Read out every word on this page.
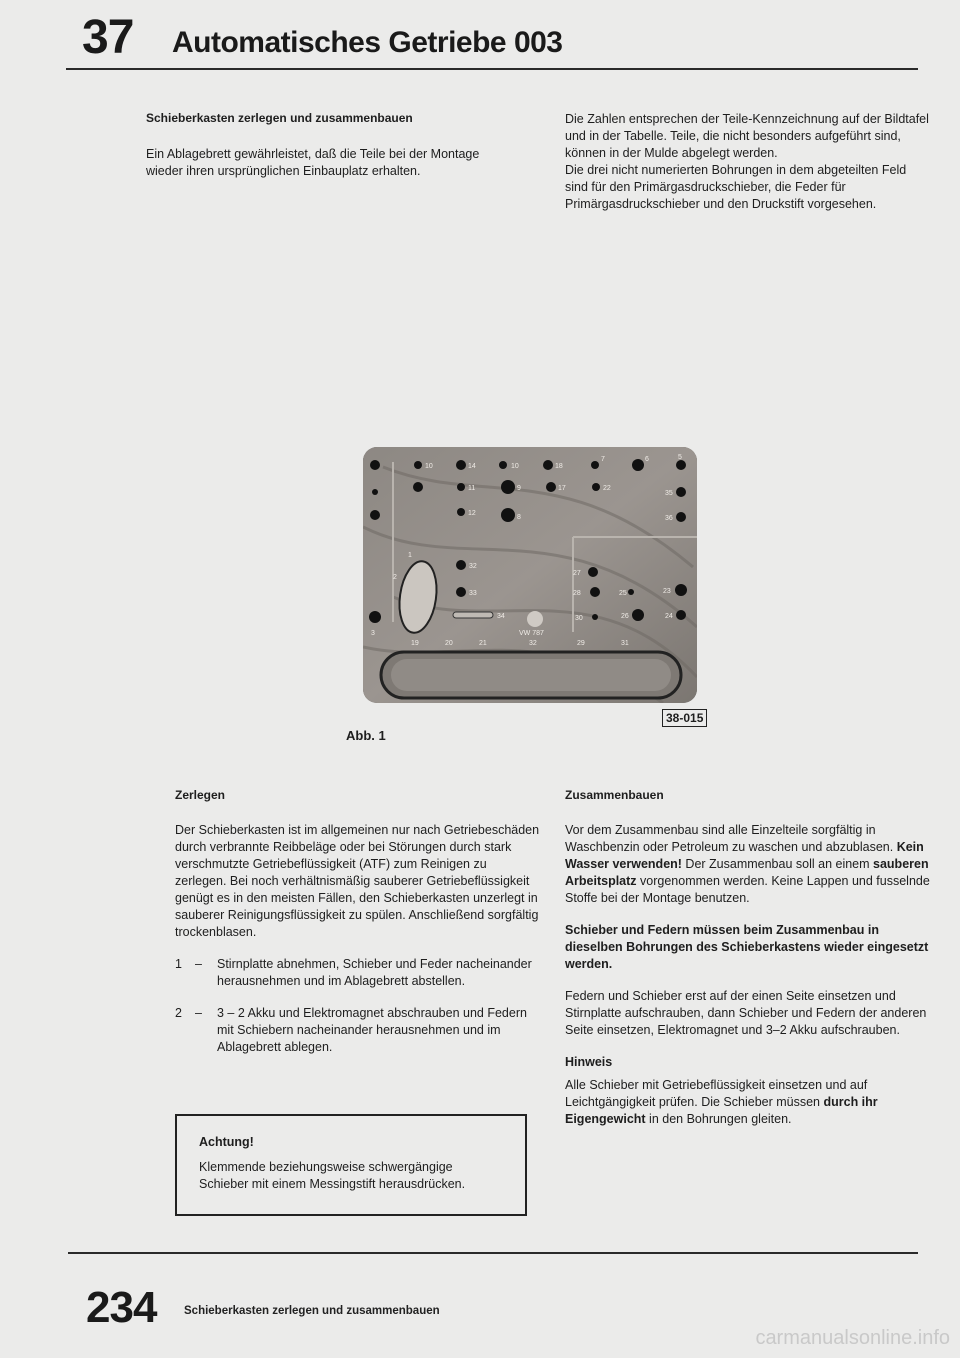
37 Automatisches Getriebe 003

Schieberkasten zerlegen und zusammenbauen

Ein Ablagebrett gewährleistet, daß die Teile bei der Montage wieder ihren ursprünglichen Einbauplatz erhalten.

Die Zahlen entsprechen der Teile-Kennzeichnung auf der Bildtafel und in der Tabelle. Teile, die nicht besonders aufgeführt sind, können in der Mulde abgelegt werden.

Die drei nicht numerierten Bohrungen in dem abgeteilten Feld sind für den Primärgasdruckschieber, die Feder für Primärgasdruckschieber und den Druckstift vorgesehen.

10	14	10	18
7	6	5
11	9	17	22
35
12
8	36
32
27
33	28	25	23
34	30	26	24
1
2
3
19	20	21	32	29	31
VW 787
38-015
Abb. 1

Zerlegen

Der Schieberkasten ist im allgemeinen nur nach Getriebeschäden durch verbrannte Reibbeläge oder bei Störungen durch stark verschmutzte Getriebeflüssigkeit (ATF) zum Reinigen zu zerlegen. Bei noch verhältnismäßig sauberer Getriebeflüssigkeit genügt es in den meisten Fällen, den Schieberkasten unzerlegt in sauberer Reinigungsflüssigkeit zu spülen. Anschließend sorgfältig trockenblasen.

1	–	Stirnplatte abnehmen, Schieber und Feder nacheinander herausnehmen und im Ablagebrett abstellen.
2	–	3 – 2 Akku und Elektromagnet abschrauben und Federn mit Schiebern nacheinander herausnehmen und im Ablagebrett ablegen.

Achtung!

Klemmende beziehungsweise schwergängige Schieber mit einem Messingstift herausdrücken.

Zusammenbauen

Vor dem Zusammenbau sind alle Einzelteile sorgfältig in Waschbenzin oder Petroleum zu waschen und abzublasen. Kein Wasser verwenden! Der Zusammenbau soll an einem sauberen Arbeitsplatz vorgenommen werden. Keine Lappen und fusselnde Stoffe bei der Montage benutzen.

Schieber und Federn müssen beim Zusammenbau in dieselben Bohrungen des Schieberkastens wieder eingesetzt werden.

Federn und Schieber erst auf der einen Seite einsetzen und Stirnplatte aufschrauben, dann Schieber und Federn der anderen Seite einsetzen, Elektromagnet und 3–2 Akku aufschrauben.

Hinweis

Alle Schieber mit Getriebeflüssigkeit einsetzen und auf Leichtgängigkeit prüfen. Die Schieber müssen durch ihr Eigengewicht in den Bohrungen gleiten.

234 Schieberkasten zerlegen und zusammenbauen
carmanualsonline.info
